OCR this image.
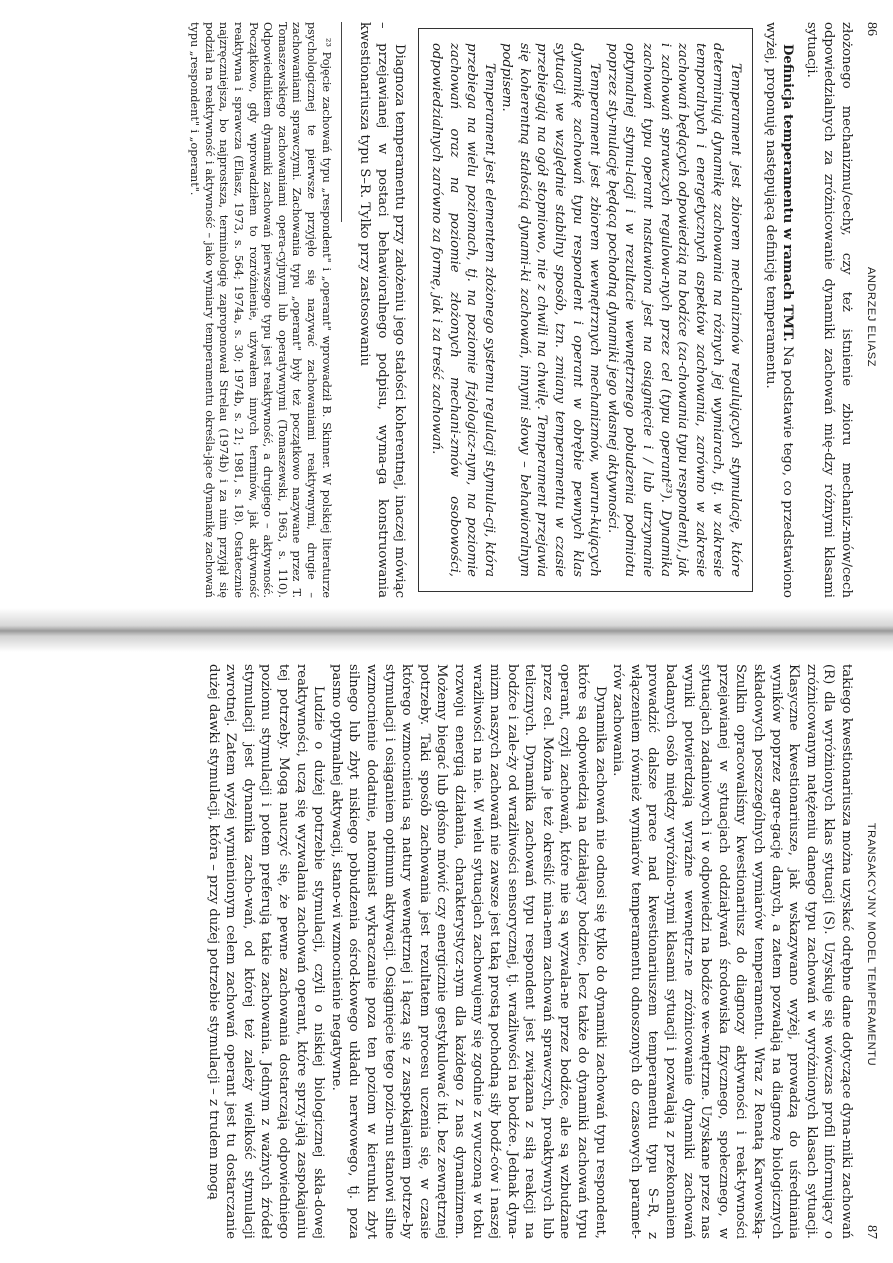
86
ANDRZEJ ELIASZ

złożonego mechanizmu/cechy, czy też istnienie zbioru mechaniz-mów/cech odpowiedzialnych za zróżnicowanie dynamiki zachowań mię-dzy różnymi klasami sytuacji.

Definicja temperamentu w ramach TMT. Na podstawie tego, co przedstawiono wyżej, proponuję następującą definicję temperamentu.

Temperament jest zbiorem mechanizmów regulujących stymulację, które determinują dynamikę zachowania na różnych jej wymiarach, tj. w zakresie temporalnych i energetycznych aspektów zachowania, zarówno w zakresie zachowań będących odpowiedzią na bodźce (za-chowania typu respondent), jak i zachowań sprawczych regulowa-nych przez cel (typu operant²³). Dynamika zachowań typu operant nastawiona jest na osiągnięcie i / lub utrzymanie optymalnej stymu-lacji i w rezultacie wewnętrznego pobudzenia podmiotu poprzez sty-mulację będącą pochodną dynamiki jego własnej aktywności.

Temperament jest zbiorem wewnętrznych mechanizmów, warun-kujących dynamikę zachowań typu respondent i operant w obrębie pewnych klas sytuacji we względnie stabilny sposób, tzn. zmiany temperamentu w czasie przebiegają na ogół stopniowo, nie z chwili na chwilę. Temperament przejawia się koherentną stałością dynami-ki zachowań, innymi słowy – behawioralnym podpisem.

Temperament jest elementem złożonego systemu regulacji stymula-cji, która przebiega na wielu poziomach, tj. na poziomie fizjologicz-nym, na poziomie zachowań oraz na poziomie złożonych mechani-zmów osobowości, odpowiedzialnych zarówno za formę, jak i za treść zachowań.

Diagnoza temperamentu przy założeniu jego stałości koherentnej, inaczej mówiąc – przejawianej w postaci behawioralnego podpisu, wyma-ga konstruowania kwestionariusza typu S–R. Tylko przy zastosowaniu

²³ Pojęcie zachowań typu „respondent" i „operant" wprowadził B. Skinner. W polskiej literaturze psychologicznej te pierwsze przyjęło się nazywać zachowaniami reaktywnymi, drugie – zachowaniami sprawczymi. Zachowania typu „operant" były też początkowo nazywane przez T. Tomaszewskiego zachowaniami opera-cyjnymi lub operatywnymi (Tomaszewski, 1963, s. 110). Odpowiednikiem dynamiki zachowań pierwszego typu jest reaktywność, a drugiego – aktywność. Początkowo, gdy wprowadziłem to rozróżnienie, używałem innych terminów, jak aktywność reaktywna i sprawcza (Eliasz, 1973, s. 564; 1974a, s. 30; 1974b, s. 21; 1981, s. 18). Ostatecznie najzręczniejsza, bo najprostsza, terminologię zaproponował Strelau (1974b) i za nim przyjął się podział na reaktywność i aktywność – jako wymiary temperamentu określa-jące dynamikę zachowań typu „respondent" i „operant".

TRANSAKCYJNY MODEL TEMPERAMENTU
87

takiego kwestionariusza można uzyskać odrębne dane dotyczące dyna-miki zachowań (R) dla wyróżnionych klas sytuacji (S). Uzyskuje się wówczas profil informujący o zróżnicowanym natężeniu danego typu zachowań w wyróżnionych klasach sytuacji. Klasyczne kwestionariusze, jak wskazywano wyżej, prowadzą do uśredniania wyników poprzez agre-gację danych, a zatem pozwalają na diagnozę biologicznych składowych poszczególnych wymiarów temperamentu. Wraz z Renatą Karwowską-Szulkin opracowaliśmy kwestionariusz do diagnozy aktywności i reak-tywności przejawianej w sytuacjach oddziaływań środowiska fizycznego, społecznego, w sytuacjach zadaniowych i w odpowiedzi na bodźce we-wnętrzne. Uzyskane przez nas wyniki potwierdzają wyraźne wewnętrz-ne zróżnicowanie dynamiki zachowań badanych osób między wyróżnio-nymi klasami sytuacji i pozwalają z przekonaniem prowadzić dalsze prace nad kwestionariuszem temperamentu typu S–R, z włączeniem również wymiarów temperamentu odnoszonych do czasowych paramet-rów zachowania.

Dynamika zachowań nie odnosi się tylko do dynamiki zachowań typu respondent, które są odpowiedzią na działający bodziec, lecz także do dynamiki zachowań typu operant, czyli zachowań, które nie są wyzwala-ne przez bodźce, ale są wzbudzane przez cel. Można je też określić mia-nem zachowań sprawczych, proaktywnych lub telicznych. Dynamika zachowań typu respondent jest związana z siłą reakcji na bodźce i zale-ży od wrażliwości sensorycznej, tj. wrażliwości na bodźce. Jednak dyna-mizm naszych zachowań nie zawsze jest taką prostą pochodną siły bodź-ców i naszej wrażliwości na nie. W wielu sytuacjach zachowujemy się zgodnie z wyuczoną w toku rozwoju energią działania, charakterystycz-nym dla każdego z nas dynamizmem. Możemy biegać lub głośno mówić czy energicznie gestykulować itd. bez zewnętrznej potrzeby. Taki sposób zachowania jest rezultatem procesu uczenia się, w czasie którego wzmocnienia są natury wewnętrznej i łączą się z zaspokajaniem potrze-by stymulacji i osiąganiem optimum aktywacji. Osiągnięcie tego pozio-mu stanowi silne wzmocnienie dodatnie, natomiast wykraczanie poza ten poziom w kierunku zbyt silnego lub zbyt niskiego pobudzenia ośrod-kowego układu nerwowego, tj. poza pasmo optymalnej aktywacji, stano-wi wzmocnienie negatywne.

Ludzie o dużej potrzebie stymulacji, czyli o niskiej biologicznej skła-dowej reaktywności, uczą się wyzwalania zachowań operant, które sprzy-jają zaspokajaniu tej potrzeby. Mogą nauczyć się, że pewne zachowania dostarczają odpowiedniego poziomu stymulacji i potem preferują takie zachowania. Jednym z ważnych źródeł stymulacji jest dynamika zacho-wań, od której też zależy wielkość stymulacji zwrotnej. Zatem wyżej wymienionym celem zachowań operant jest tu dostarczanie dużej dawki stymulacji, która – przy dużej potrzebie stymulacji – z trudem mogą
